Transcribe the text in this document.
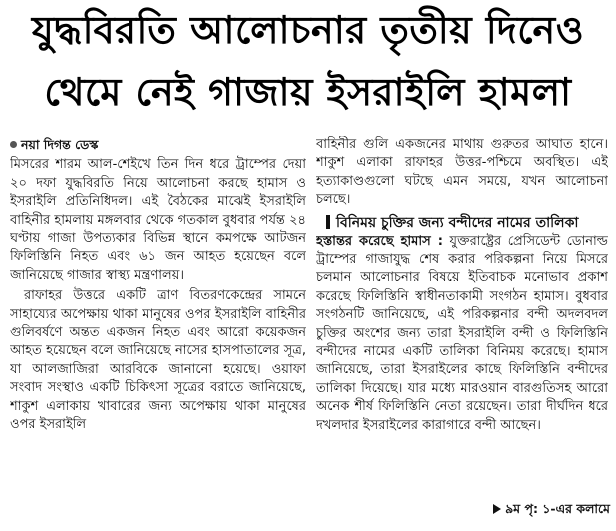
যুদ্ধবিরতি আলোচনার তৃতীয় দিনেও
থেমে নেই গাজায় ইসরাইলি হামলা
নয়া দিগন্ত ডেস্ক

মিসরের শারম আল-শেইখে তিন দিন ধরে ট্রাম্পের দেয়া ২০ দফা যুদ্ধবিরতি নিয়ে আলোচনা করছে হামাস ও ইসরাইলি প্রতিনিধিদল। এই বৈঠকের মাঝেই ইসরাইলি বাহিনীর হামলায় মঙ্গলবার থেকে গতকাল বুধবার পর্যন্ত ২৪ ঘণ্টায় গাজা উপত্যকার বিভিন্ন স্থানে কমপক্ষে আটজন ফিলিস্তিনি নিহত এবং ৬১ জন আহত হয়েছেন বলে জানিয়েছে গাজার স্বাস্থ্য মন্ত্রণালয়।

রাফাহর উত্তরে একটি ত্রাণ বিতরণকেন্দ্রের সামনে সাহায্যের অপেক্ষায় থাকা মানুষের ওপর ইসরাইলি বাহিনীর গুলিবর্ষণে অন্তত একজন নিহত এবং আরো কয়েকজন আহত হয়েছেন বলে জানিয়েছে নাসের হাসপাতালের সূত্র, যা আলজাজিরা আরবিকে জানানো হয়েছে। ওয়াফা সংবাদ সংস্থাও একটি চিকিৎসা সূত্রের বরাতে জানিয়েছে, শাকুশ এলাকায় খাবারের জন্য অপেক্ষায় থাকা মানুষের ওপর ইসরাইলি

বাহিনীর গুলি একজনের মাথায় গুরুতর আঘাত হানে। শাকুশ এলাকা রাফাহর উত্তর-পশ্চিমে অবস্থিত। এই হত্যাকাণ্ডগুলো ঘটছে এমন সময়ে, যখন আলোচনা চলছে।

বিনিময় চুক্তির জন্য বন্দীদের নামের তালিকা

হস্তান্তর করেছে হামাস : যুক্তরাষ্ট্রের প্রেসিডেন্ট ডোনাল্ড ট্রাম্পের গাজাযুদ্ধ শেষ করার পরিকল্পনা নিয়ে মিসরে চলমান আলোচনার বিষয়ে ইতিবাচক মনোভাব প্রকাশ করেছে ফিলিস্তিনি স্বাধীনতাকামী সংগঠন হামাস। বুধবার সংগঠনটি জানিয়েছে, এই পরিকল্পনার বন্দী অদলবদল চুক্তির অংশের জন্য তারা ইসরাইলি বন্দী ও ফিলিস্তিনি বন্দীদের নামের একটি তালিকা বিনিময় করেছে। হামাস জানিয়েছে, তারা ইসরাইলের কাছে ফিলিস্তিনি বন্দীদের তালিকা দিয়েছে। যার মধ্যে মারওয়ান বারগুতিসহ আরো অনেক শীর্ষ ফিলিস্তিনি নেতা রয়েছেন। তারা দীর্ঘদিন ধরে দখলদার ইসরাইলের কারাগারে বন্দী আছেন।

৯ম পৃ: ১-এর কলামে
